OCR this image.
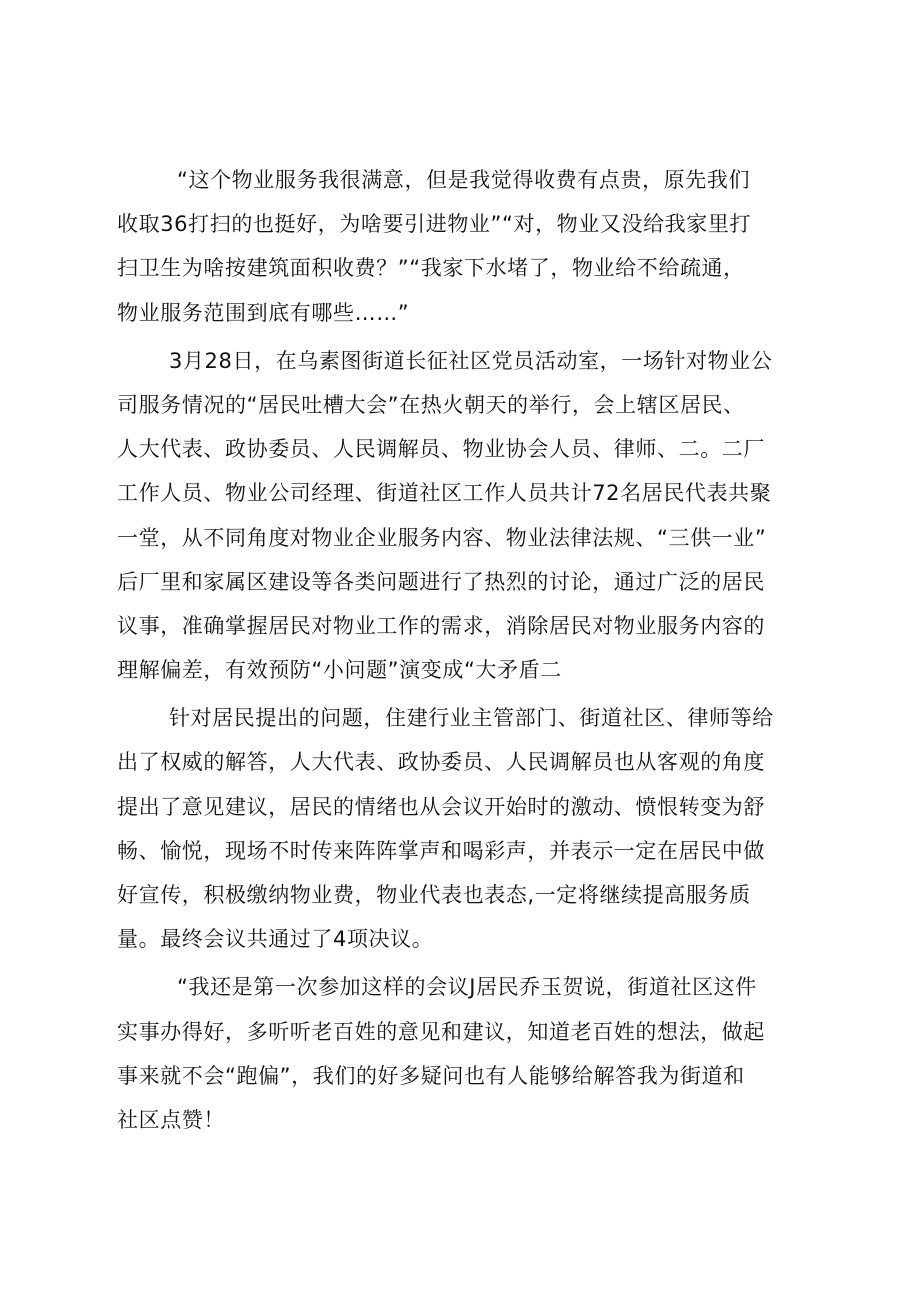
“这个物业服务我很满意，但是我觉得收费有点贵，原先我们
收取36打扫的也挺好，为啥要引进物业”“对，物业又没给我家里打
扫卫生为啥按建筑面积收费？”“我家下水堵了，物业给不给疏通，
物业服务范围到底有哪些……”
3月28日，在乌素图街道长征社区党员活动室，一场针对物业公
司服务情况的“居民吐槽大会”在热火朝天的举行，会上辖区居民、
人大代表、政协委员、人民调解员、物业协会人员、律师、二。二厂
工作人员、物业公司经理、街道社区工作人员共计72名居民代表共聚
一堂，从不同角度对物业企业服务内容、物业法律法规、“三供一业”
后厂里和家属区建设等各类问题进行了热烈的讨论，通过广泛的居民
议事，准确掌握居民对物业工作的需求，消除居民对物业服务内容的
理解偏差，有效预防“小问题”演变成“大矛盾二
针对居民提出的问题，住建行业主管部门、街道社区、律师等给
出了权威的解答，人大代表、政协委员、人民调解员也从客观的角度
提出了意见建议，居民的情绪也从会议开始时的激动、愤恨转变为舒
畅、愉悦，现场不时传来阵阵掌声和喝彩声，并表示一定在居民中做
好宣传，积极缴纳物业费，物业代表也表态,一定将继续提高服务质
量。最终会议共通过了4项决议。
“我还是第一次参加这样的会议J居民乔玉贺说，街道社区这件
实事办得好，多听听老百姓的意见和建议，知道老百姓的想法，做起
事来就不会“跑偏”，我们的好多疑问也有人能够给解答我为街道和
社区点赞！
